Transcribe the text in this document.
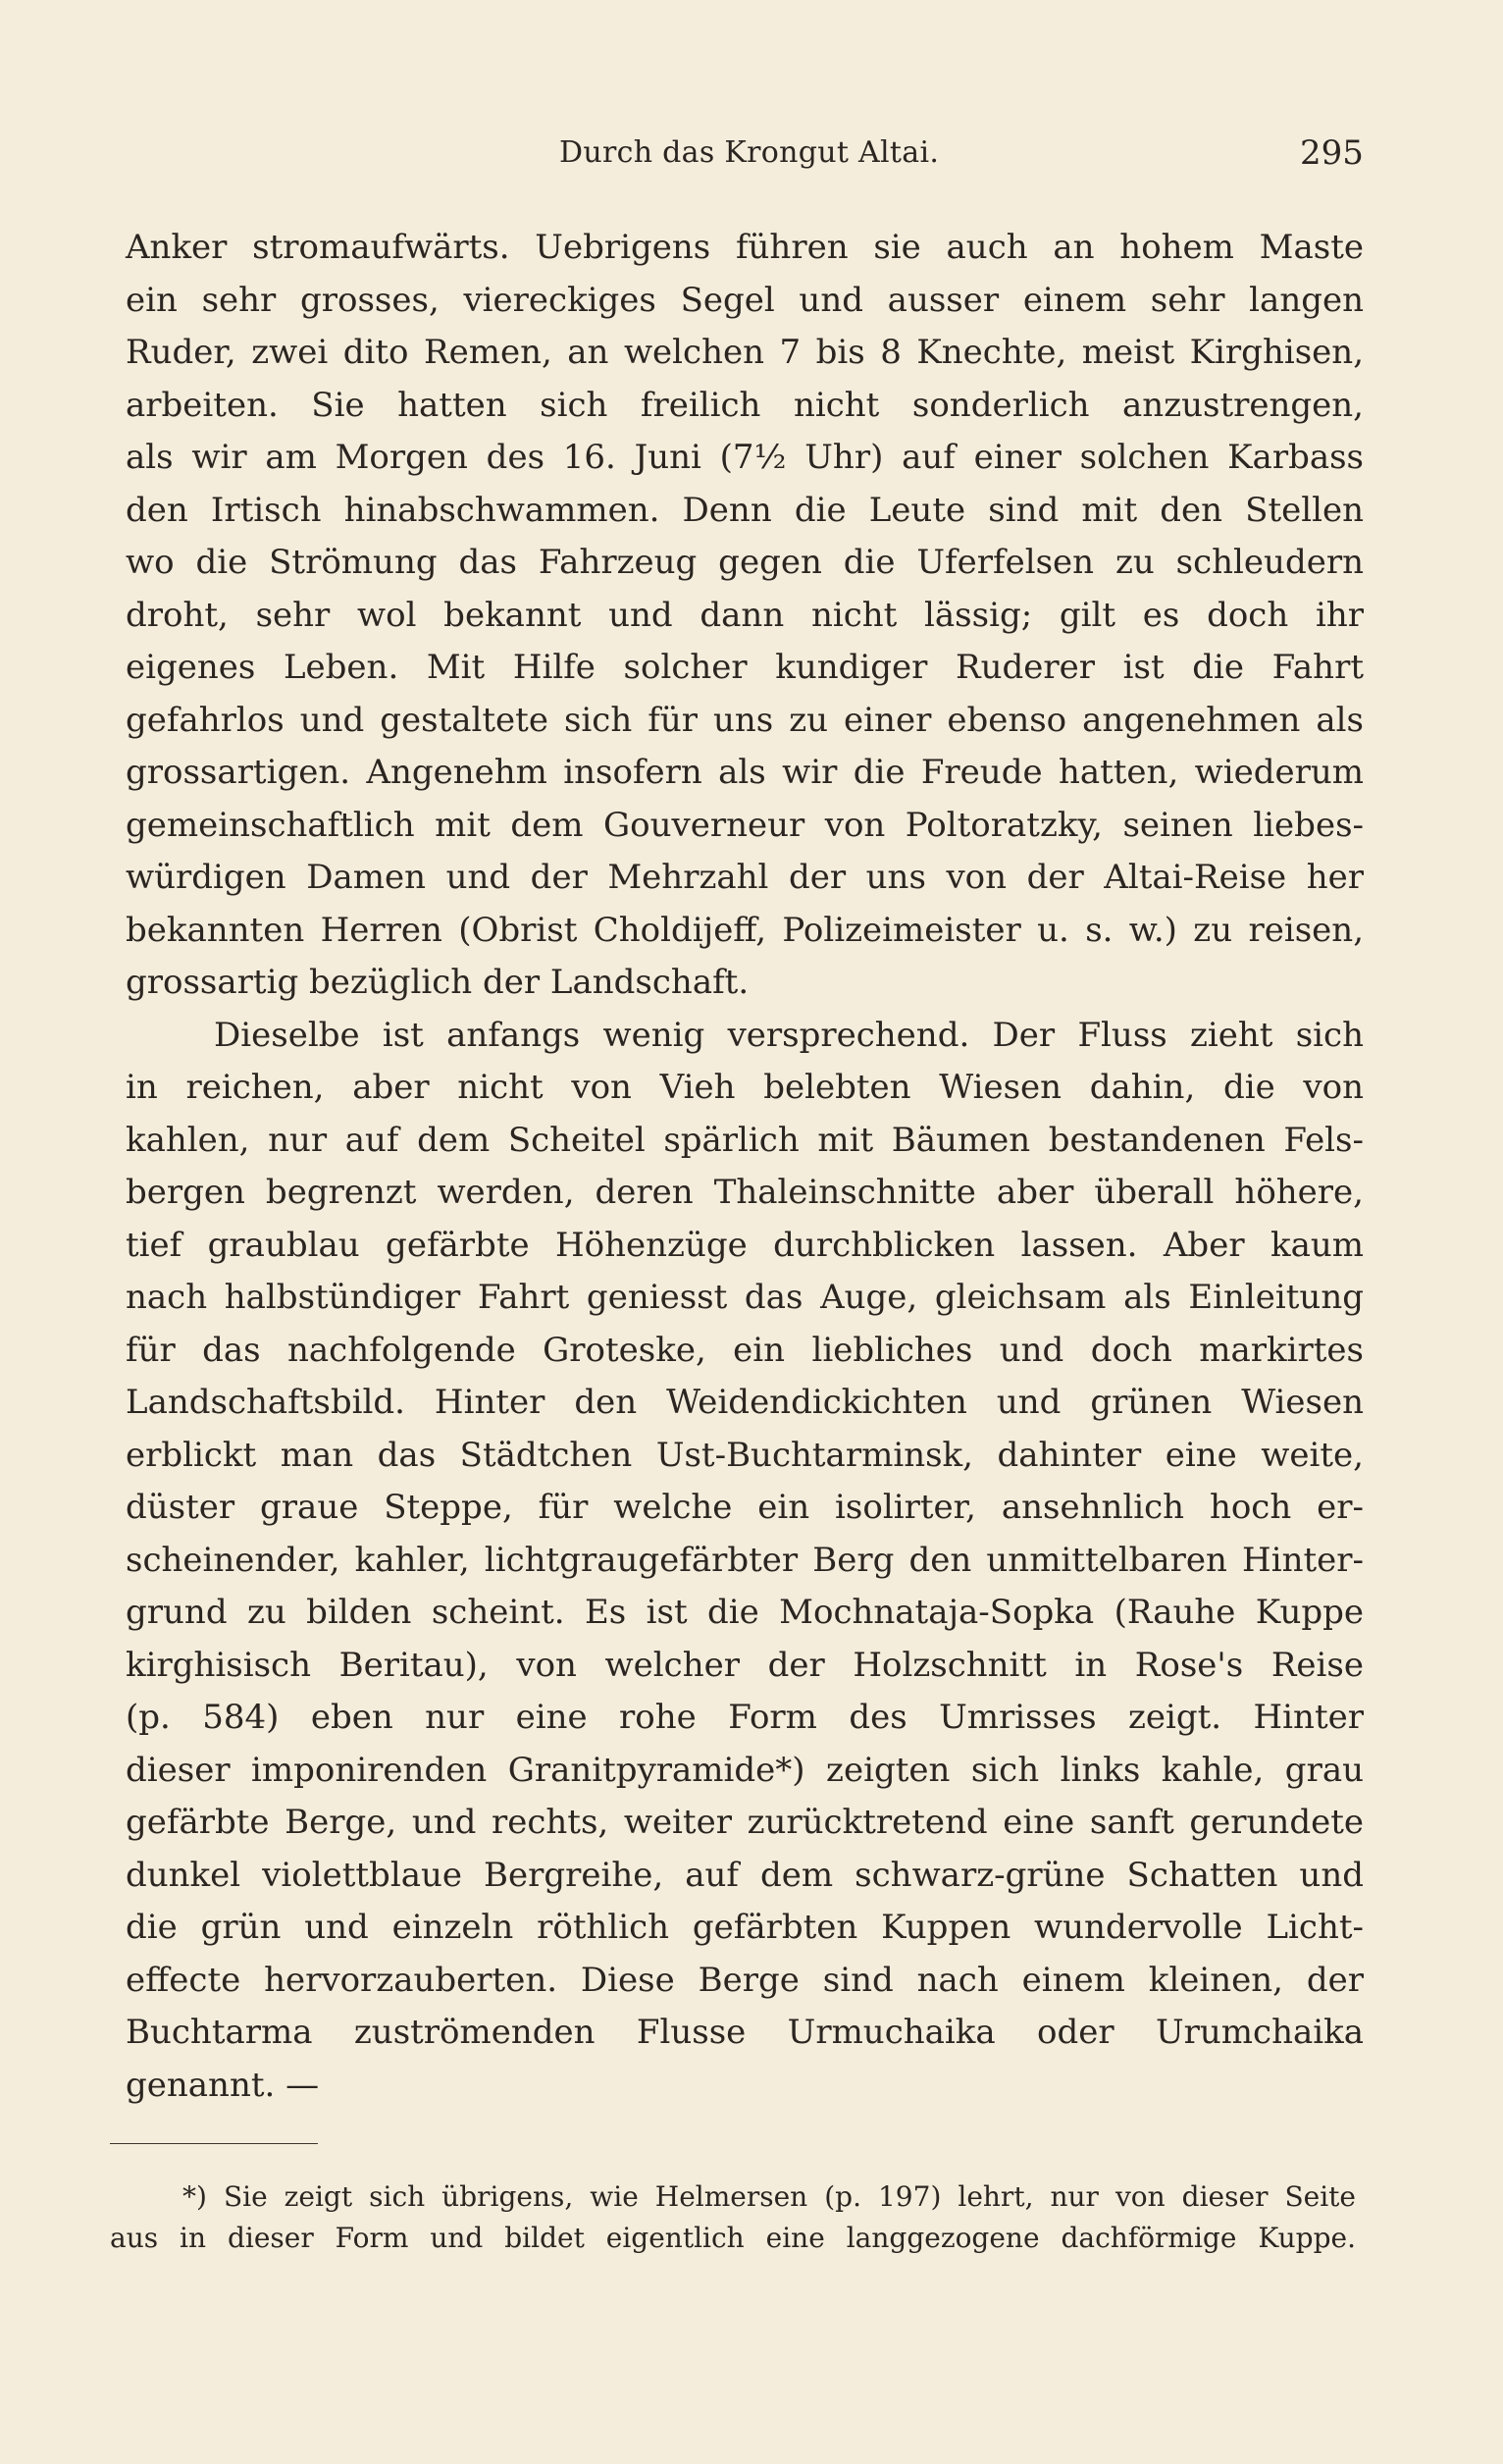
Durch das Krongut Altai.	295
Anker stromaufwärts. Uebrigens führen sie auch an hohem Maste
ein sehr grosses, viereckiges Segel und ausser einem sehr langen
Ruder, zwei dito Remen, an welchen 7 bis 8 Knechte, meist Kirghisen,
arbeiten. Sie hatten sich freilich nicht sonderlich anzustrengen,
als wir am Morgen des 16. Juni (7½ Uhr) auf einer solchen Karbass
den Irtisch hinabschwammen. Denn die Leute sind mit den Stellen
wo die Strömung das Fahrzeug gegen die Uferfelsen zu schleudern
droht, sehr wol bekannt und dann nicht lässig; gilt es doch ihr
eigenes Leben. Mit Hilfe solcher kundiger Ruderer ist die Fahrt
gefahrlos und gestaltete sich für uns zu einer ebenso angenehmen als
grossartigen. Angenehm insofern als wir die Freude hatten, wiederum
gemeinschaftlich mit dem Gouverneur von Poltoratzky, seinen liebes-
würdigen Damen und der Mehrzahl der uns von der Altai-Reise her
bekannten Herren (Obrist Choldijeff, Polizeimeister u. s. w.) zu reisen,
grossartig bezüglich der Landschaft.
Dieselbe ist anfangs wenig versprechend. Der Fluss zieht sich
in reichen, aber nicht von Vieh belebten Wiesen dahin, die von
kahlen, nur auf dem Scheitel spärlich mit Bäumen bestandenen Fels-
bergen begrenzt werden, deren Thaleinschnitte aber überall höhere,
tief graublau gefärbte Höhenzüge durchblicken lassen. Aber kaum
nach halbstündiger Fahrt geniesst das Auge, gleichsam als Einleitung
für das nachfolgende Groteske, ein liebliches und doch markirtes
Landschaftsbild. Hinter den Weidendickichten und grünen Wiesen
erblickt man das Städtchen Ust-Buchtarminsk, dahinter eine weite,
düster graue Steppe, für welche ein isolirter, ansehnlich hoch er-
scheinender, kahler, lichtgraugefärbter Berg den unmittelbaren Hinter-
grund zu bilden scheint. Es ist die Mochnataja-Sopka (Rauhe Kuppe
kirghisisch Beritau), von welcher der Holzschnitt in Rose's Reise
(p. 584) eben nur eine rohe Form des Umrisses zeigt. Hinter
dieser imponirenden Granitpyramide*) zeigten sich links kahle, grau
gefärbte Berge, und rechts, weiter zurücktretend eine sanft gerundete
dunkel violettblaue Bergreihe, auf dem schwarz-grüne Schatten und
die grün und einzeln röthlich gefärbten Kuppen wundervolle Licht-
effecte hervorzauberten. Diese Berge sind nach einem kleinen, der
Buchtarma zuströmenden Flusse Urmuchaika oder Urumchaika
genannt. —
*) Sie zeigt sich übrigens, wie Helmersen (p. 197) lehrt, nur von dieser Seite
aus in dieser Form und bildet eigentlich eine langgezogene dachförmige Kuppe.
